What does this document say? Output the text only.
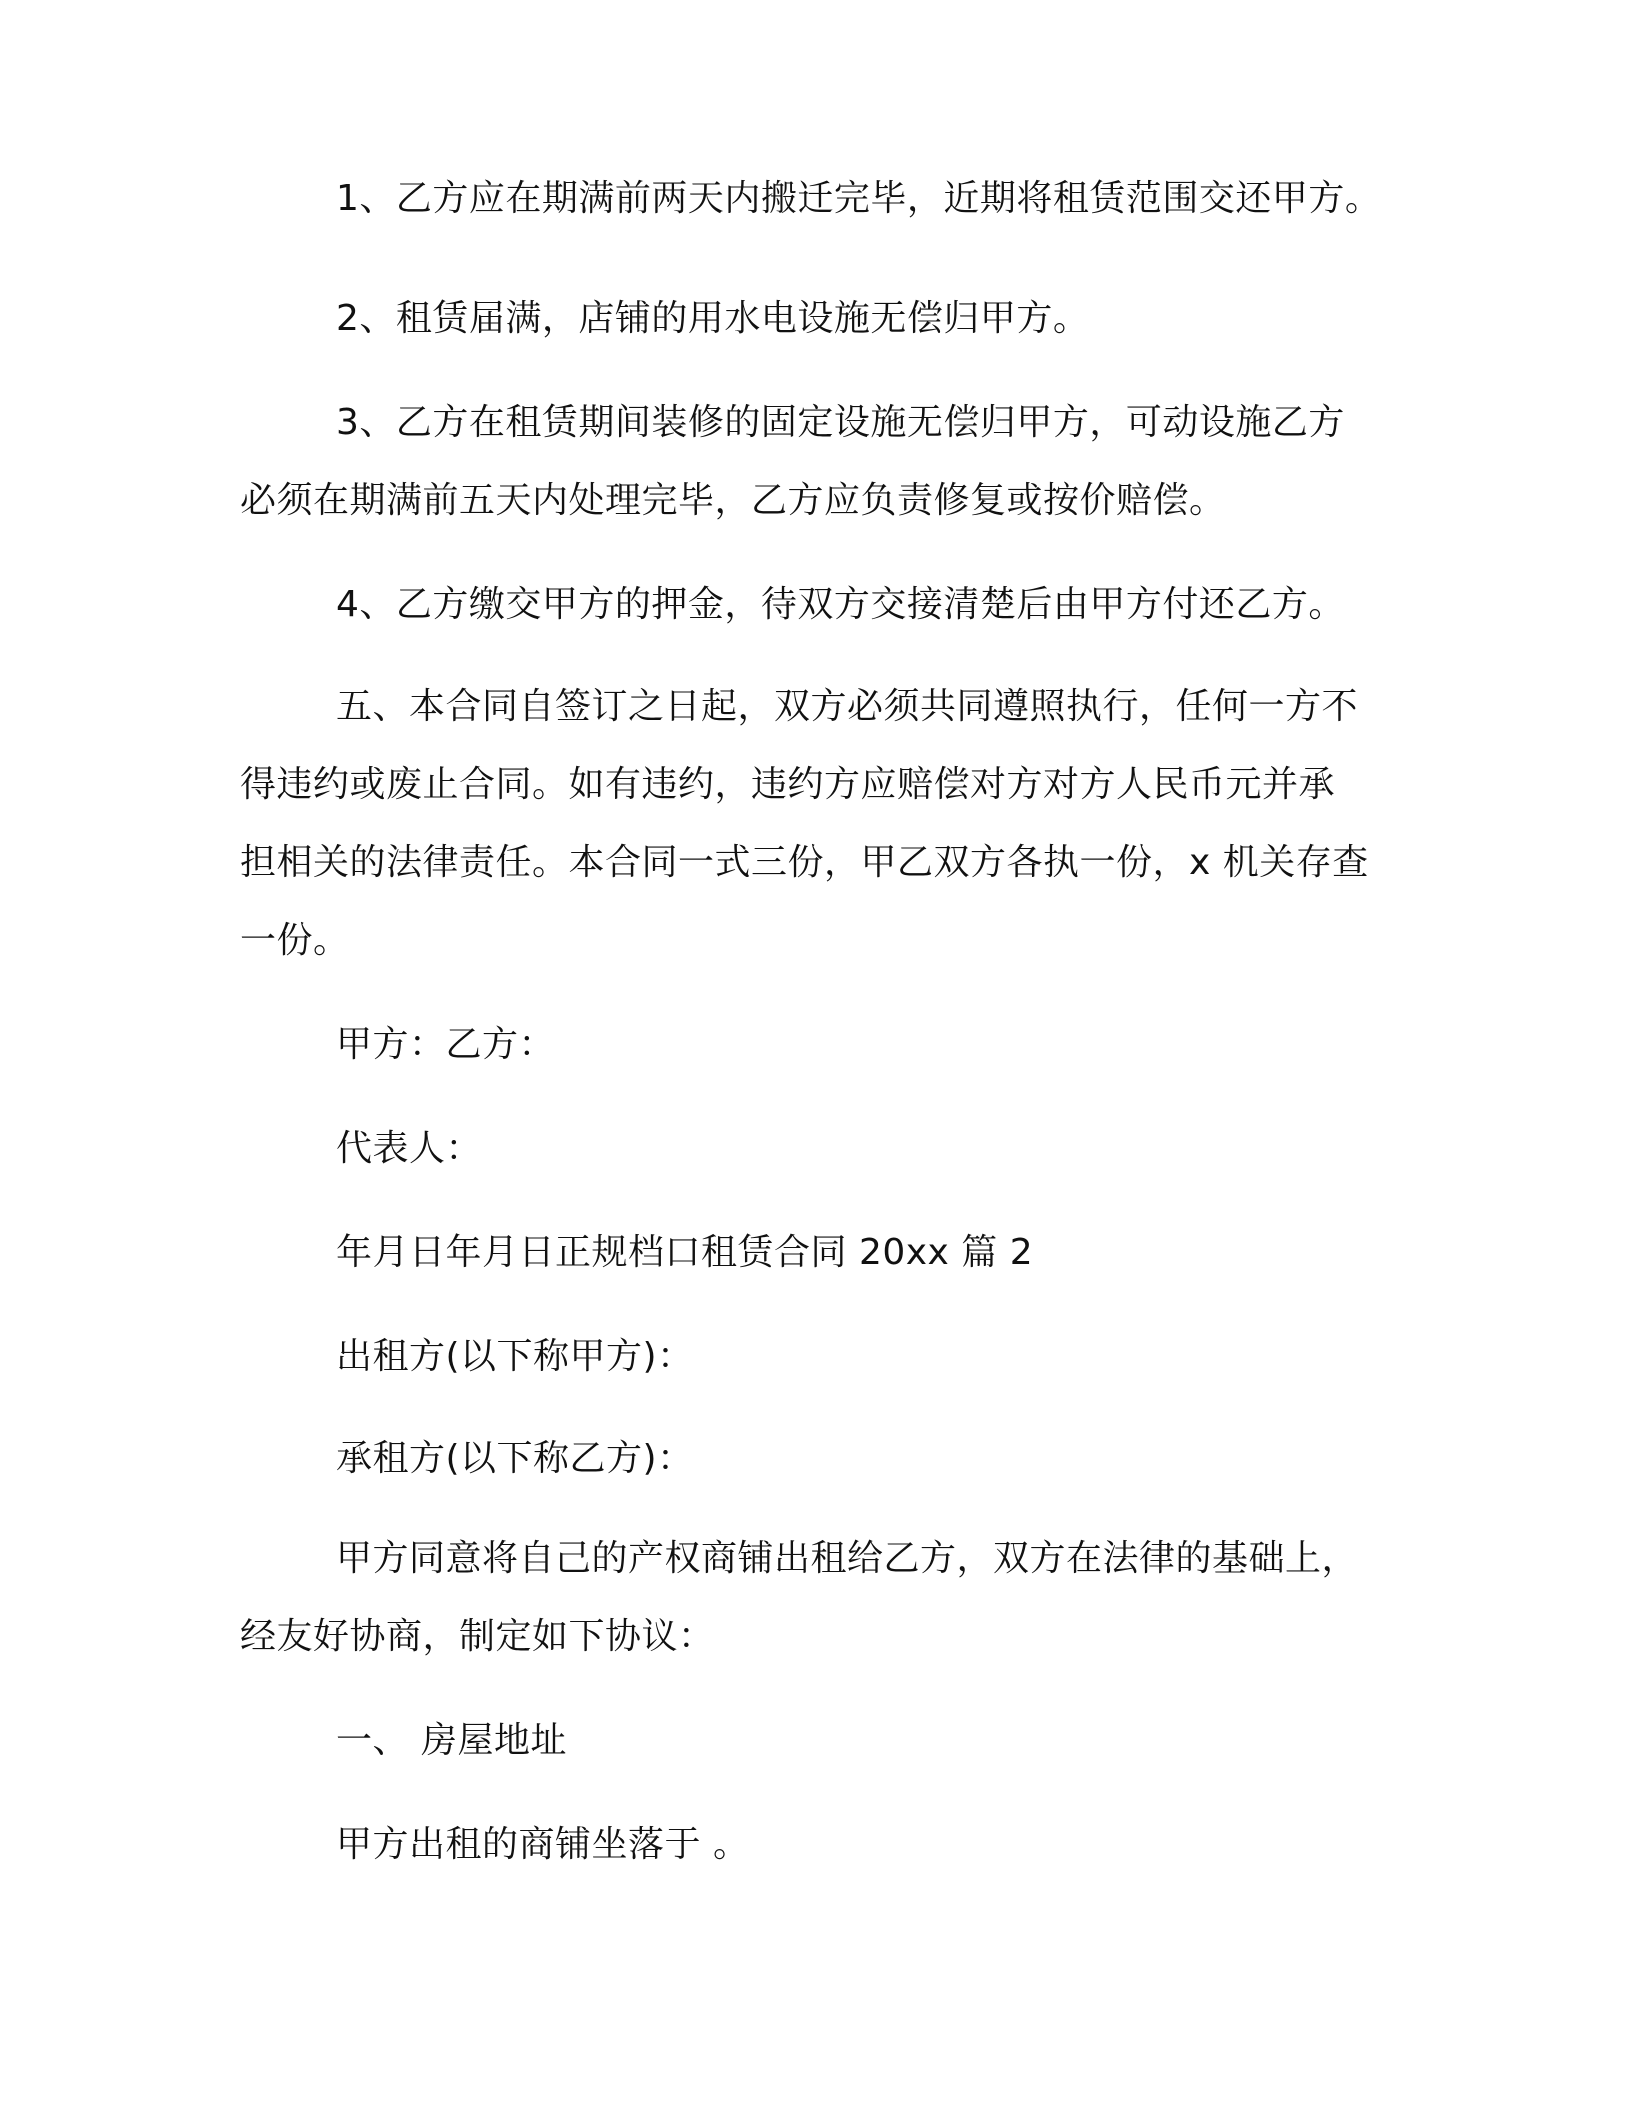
1、乙方应在期满前两天内搬迁完毕，近期将租赁范围交还甲方。

2、租赁届满，店铺的用水电设施无偿归甲方。

3、乙方在租赁期间装修的固定设施无偿归甲方，可动设施乙方
必须在期满前五天内处理完毕，乙方应负责修复或按价赔偿。

4、乙方缴交甲方的押金，待双方交接清楚后由甲方付还乙方。

五、本合同自签订之日起，双方必须共同遵照执行，任何一方不
得违约或废止合同。如有违约，违约方应赔偿对方对方人民币元并承
担相关的法律责任。本合同一式三份，甲乙双方各执一份，x 机关存查
一份。

甲方：乙方：

代表人：

年月日年月日正规档口租赁合同 20xx 篇 2

出租方(以下称甲方)：

承租方(以下称乙方)：

甲方同意将自己的产权商铺出租给乙方，双方在法律的基础上，
经友好协商，制定如下协议：

一、 房屋地址

甲方出租的商铺坐落于 。
